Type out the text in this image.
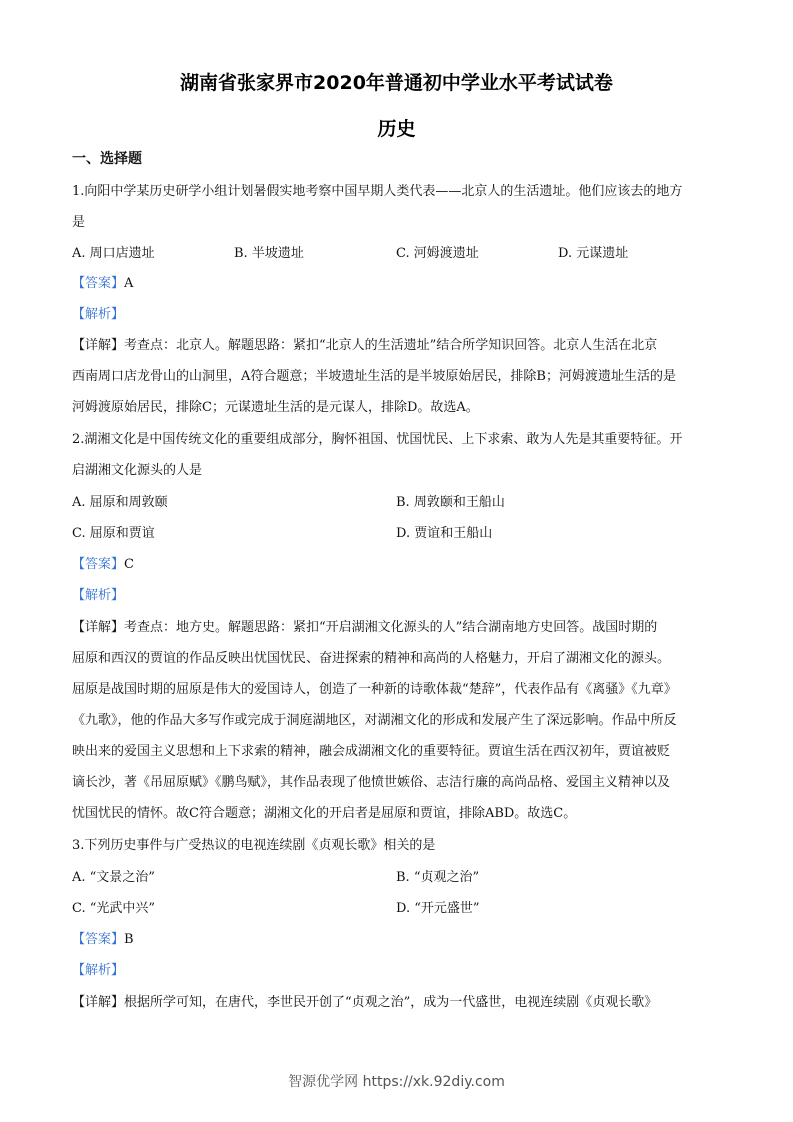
湖南省张家界市2020年普通初中学业水平考试试卷
历史
一、选择题
1.向阳中学某历史研学小组计划暑假实地考察中国早期人类代表——北京人的生活遗址。他们应该去的地方
是
A. 周口店遗址	B. 半坡遗址	C. 河姆渡遗址	D. 元谋遗址
【答案】A
【解析】
【详解】考查点：北京人。解题思路：紧扣“北京人的生活遗址”结合所学知识回答。北京人生活在北京
西南周口店龙骨山的山洞里，A符合题意；半坡遗址生活的是半坡原始居民，排除B；河姆渡遗址生活的是
河姆渡原始居民，排除C；元谋遗址生活的是元谋人，排除D。故选A。
2.湖湘文化是中国传统文化的重要组成部分，胸怀祖国、忧国忧民、上下求索、敢为人先是其重要特征。开
启湖湘文化源头的人是
A. 屈原和周敦颐	B. 周敦颐和王船山
C. 屈原和贾谊	D. 贾谊和王船山
【答案】C
【解析】
【详解】考查点：地方史。解题思路：紧扣“开启湖湘文化源头的人”结合湖南地方史回答。战国时期的
屈原和西汉的贾谊的作品反映出忧国忧民、奋进探索的精神和高尚的人格魅力，开启了湖湘文化的源头。
屈原是战国时期的屈原是伟大的爱国诗人，创造了一种新的诗歌体裁“楚辞”，代表作品有《离骚》《九章》
《九歌》，他的作品大多写作或完成于洞庭湖地区，对湖湘文化的形成和发展产生了深远影响。作品中所反
映出来的爱国主义思想和上下求索的精神，融会成湖湘文化的重要特征。贾谊生活在西汉初年，贾谊被贬
谪长沙，著《吊屈原赋》《鹏鸟赋》，其作品表现了他愤世嫉俗、志洁行廉的高尚品格、爱国主义精神以及
忧国忧民的情怀。故C符合题意；湖湘文化的开启者是屈原和贾谊，排除ABD。故选C。
3.下列历史事件与广受热议的电视连续剧《贞观长歌》相关的是
A. “文景之治”	B. “贞观之治”
C. “光武中兴”	D. “开元盛世”
【答案】B
【解析】
【详解】根据所学可知，在唐代，李世民开创了“贞观之治”，成为一代盛世，电视连续剧《贞观长歌》
智源优学网 https://xk.92diy.com
